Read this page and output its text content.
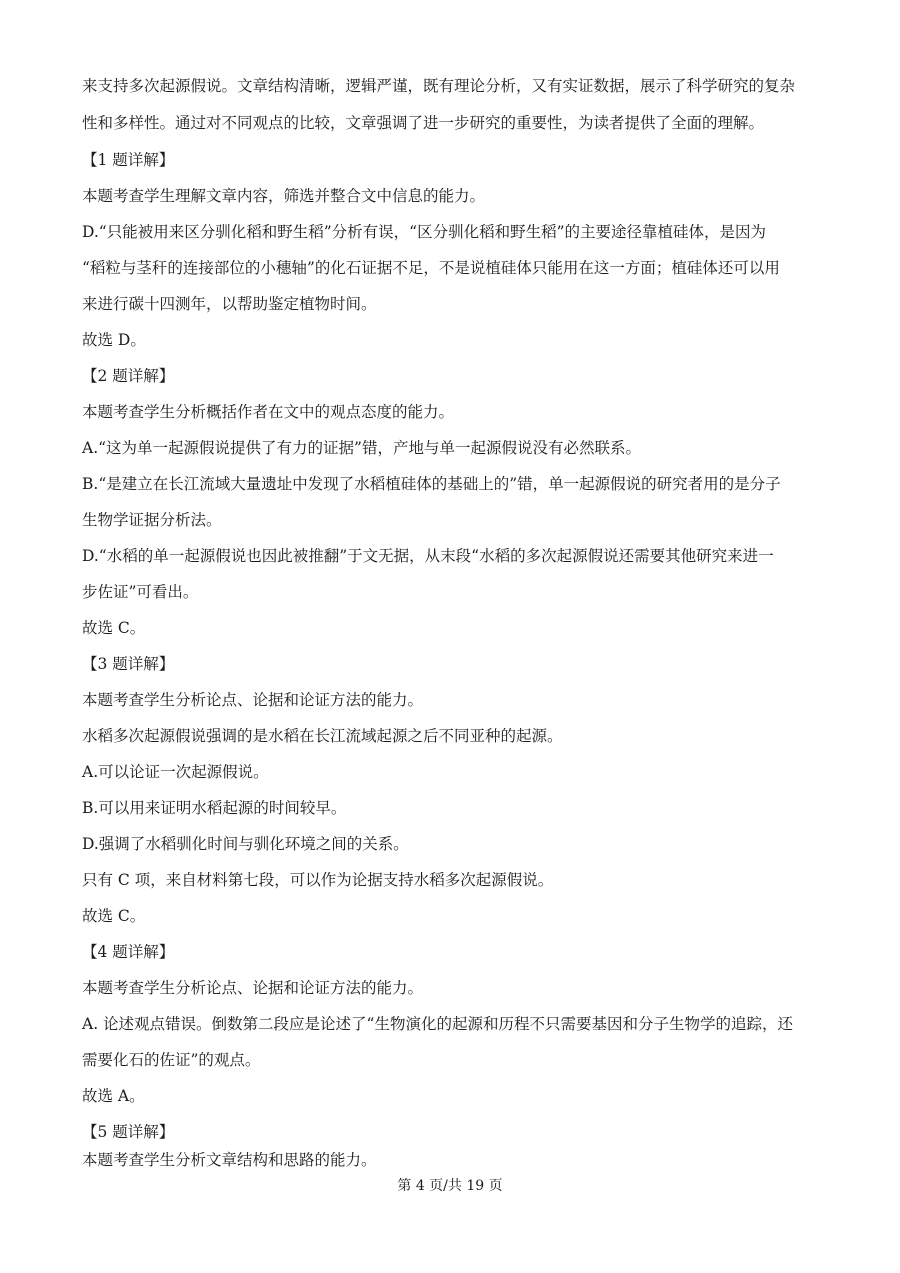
来支持多次起源假说。文章结构清晰，逻辑严谨，既有理论分析，又有实证数据，展示了科学研究的复杂
性和多样性。通过对不同观点的比较，文章强调了进一步研究的重要性，为读者提供了全面的理解。
【1 题详解】
本题考查学生理解文章内容，筛选并整合文中信息的能力。
D.“只能被用来区分驯化稻和野生稻”分析有误，“区分驯化稻和野生稻”的主要途径靠植硅体，是因为
“稻粒与茎秆的连接部位的小穗轴”的化石证据不足，不是说植硅体只能用在这一方面；植硅体还可以用
来进行碳十四测年，以帮助鉴定植物时间。
故选 D。
【2 题详解】
本题考查学生分析概括作者在文中的观点态度的能力。
A.“这为单一起源假说提供了有力的证据”错，产地与单一起源假说没有必然联系。
B.“是建立在长江流域大量遗址中发现了水稻植硅体的基础上的”错，单一起源假说的研究者用的是分子
生物学证据分析法。
D.“水稻的单一起源假说也因此被推翻”于文无据，从末段“水稻的多次起源假说还需要其他研究来进一
步佐证”可看出。
故选 C。
【3 题详解】
本题考查学生分析论点、论据和论证方法的能力。
水稻多次起源假说强调的是水稻在长江流域起源之后不同亚种的起源。
A.可以论证一次起源假说。
B.可以用来证明水稻起源的时间较早。
D.强调了水稻驯化时间与驯化环境之间的关系。
只有 C 项，来自材料第七段，可以作为论据支持水稻多次起源假说。
故选 C。
【4 题详解】
本题考查学生分析论点、论据和论证方法的能力。
A. 论述观点错误。倒数第二段应是论述了“生物演化的起源和历程不只需要基因和分子生物学的追踪，还
需要化石的佐证”的观点。
故选 A。
【5 题详解】
本题考查学生分析文章结构和思路的能力。
第 4 页/共 19 页
